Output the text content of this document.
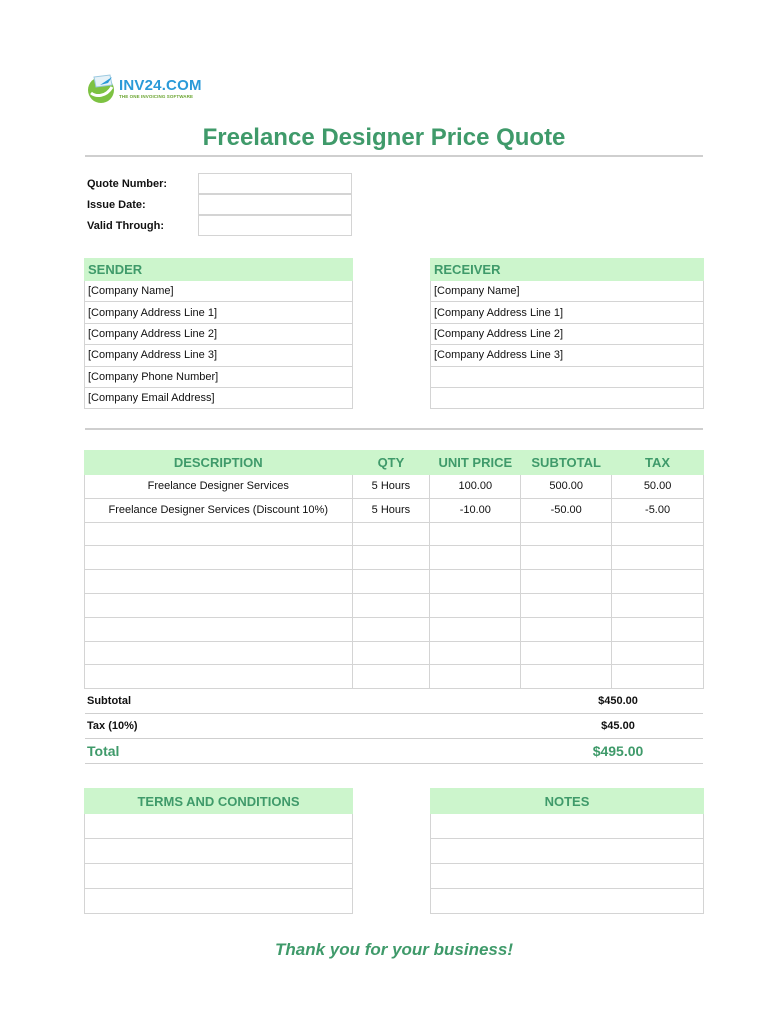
INV24.COM
THE ONE INVOICING SOFTWARE
Freelance Designer Price Quote
Quote Number:
Issue Date:
Valid Through:
SENDER
[Company Name]
[Company Address Line 1]
[Company Address Line 2]
[Company Address Line 3]
[Company Phone Number]
[Company Email Address]
RECEIVER
[Company Name]
[Company Address Line 1]
[Company Address Line 2]
[Company Address Line 3]

DESCRIPTION	QTY	UNIT PRICE	SUBTOTAL	TAX
Freelance Designer Services	5 Hours	100.00	500.00	50.00
Freelance Designer Services (Discount 10%)	5 Hours	-10.00	-50.00	-5.00

Subtotal	$450.00
Tax (10%)	$45.00
Total	$495.00
TERMS AND CONDITIONS	NOTES

Thank you for your business!
